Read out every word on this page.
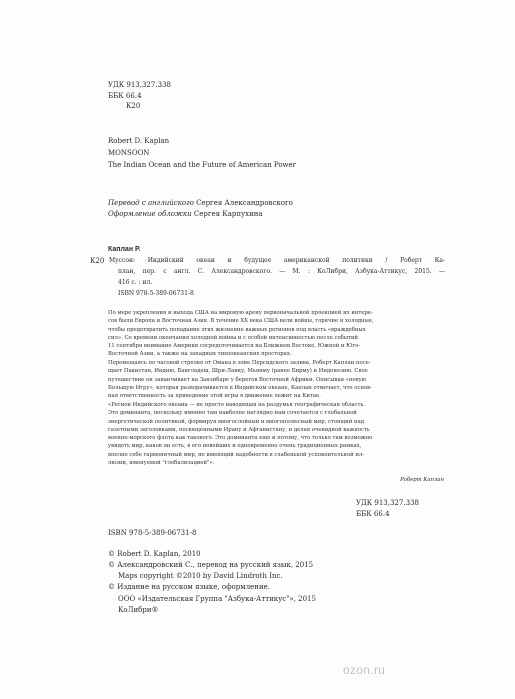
УДК 913,327.338
ББК 66.4
К20
Robert D. Kaplan
MONSOON
The Indian Ocean and the Future of American Power
Перевод с английского Сергея Александровского
Оформление обложки Сергея Карпухина
Каплан Р.
К20 Муссон: Индийский океан и будущее американской политики / Роберт Ка-
план, пер. с англ. С. Александровского. — М. : КоЛибри, Азбука-Аттикус, 2015. —
416 с. : ил.
ISBN 978-5-389-06731-8
По мере укрепления и выхода США на мировую арену первоначальной проекцией их интере-
сов были Европа и Восточная Азия. В течение XX века США вели войны, горячие и холодные,
чтобы предотвратить попадание этих жизненно важных регионов под власть «враждебных
сил». Со времени окончания холодной войны и с особой интенсивностью после событий
11 сентября внимание Америки сосредоточивается на Ближнем Востоке, Южной и Юго-
Восточной Азии, а также на западных тихоокеанских просторах.
Перемещаясь по часовой стрелке от Омана в зоне Персидского залива, Роберт Каплан посе-
щает Пакистан, Индию, Бангладеш, Шри-Ланку, Мьянму (ранее Бирму) и Индонезию. Свое
путешествие он заканчивает на Занзибаре у берегов Восточной Африки. Описывая «новую
Большую Игру», которая разворачивается в Индийском океане, Каплан отмечает, что основ-
ная ответственность за приведение этой игры в движение лежит на Китае.
«Регион Индийского океана — не просто наводящая на раздумья географическая область.
Это доминанта, поскольку именно там наиболее наглядно нам сочетается с глобальной
энергетической политикой, формируя многослойный и многополюсный мир, стоящий над
газетными заголовками, посвященными Ирану и Афганистану, и делая очевидной важность
военно-морского флота как такового. Это доминанта еще и потому, что только там возможно
увидеть мир, каков он есть, в его новейших и одновременно очень традиционных рамках,
вполне себе гармоничный мир, не имеющий надобности в слабенькой успокоительной ил-
люзии, именуемой "глобализацией"».
Роберт Каплан
УДК 913,327.338
ББК 66.4
ISBN 978-5-389-06731-8
© Robert D. Kaplan, 2010
© Александровский С., перевод на русский язык, 2015
Maps copyright ©2010 by David Lindroth Inc.
© Издание на русском языке, оформление.
ООО «Издательская Группа "Азбука-Аттикус"», 2015
КоЛибри®
ozon.ru
